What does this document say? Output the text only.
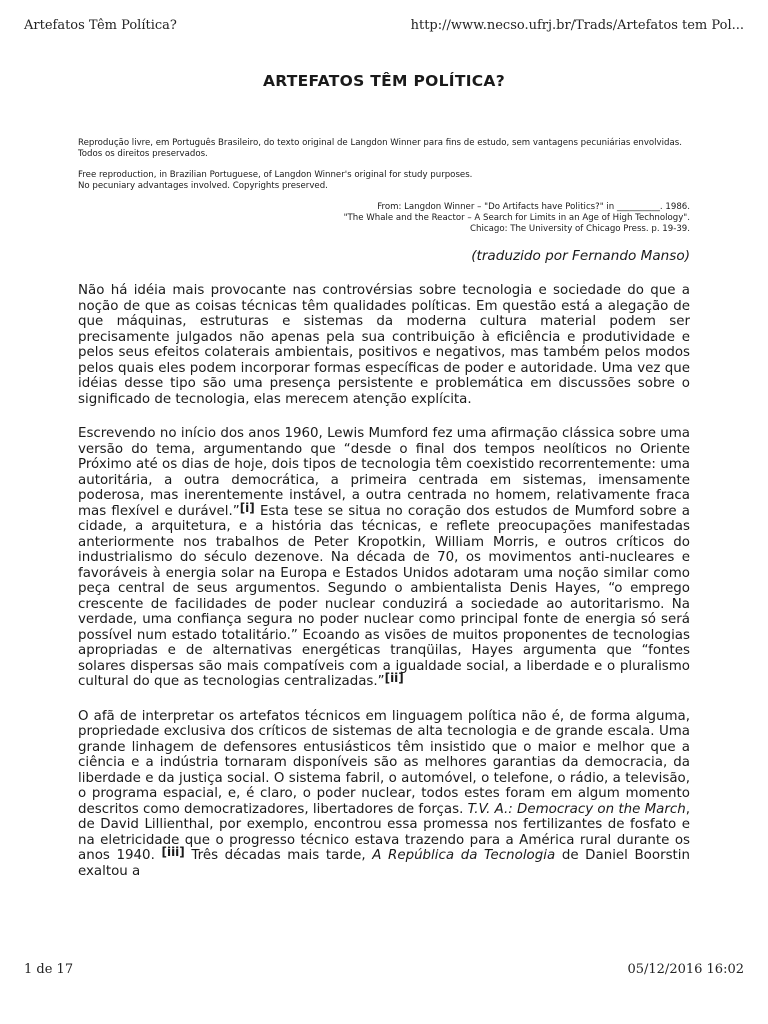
Artefatos Têm Política?	http://www.necso.ufrj.br/Trads/Artefatos tem Pol...
ARTEFATOS TÊM POLÍTICA?

Reprodução livre, em Português Brasileiro, do texto original de Langdon Winner para fins de estudo, sem vantagens pecuniárias envolvidas. Todos os direitos preservados.

Free reproduction, in Brazilian Portuguese, of Langdon Winner's original for study purposes.
No pecuniary advantages involved. Copyrights preserved.

From: Langdon Winner – "Do Artifacts have Politics?" in __________. 1986.
"The Whale and the Reactor – A Search for Limits in an Age of High Technology".
Chicago: The University of Chicago Press. p. 19-39.

(traduzido por Fernando Manso)

Não há idéia mais provocante nas controvérsias sobre tecnologia e sociedade do que a noção de que as coisas técnicas têm qualidades políticas. Em questão está a alegação de que máquinas, estruturas e sistemas da moderna cultura material podem ser precisamente julgados não apenas pela sua contribuição à eficiência e produtividade e pelos seus efeitos colaterais ambientais, positivos e negativos, mas também pelos modos pelos quais eles podem incorporar formas específicas de poder e autoridade. Uma vez que idéias desse tipo são uma presença persistente e problemática em discussões sobre o significado de tecnologia, elas merecem atenção explícita.

Escrevendo no início dos anos 1960, Lewis Mumford fez uma afirmação clássica sobre uma versão do tema, argumentando que “desde o final dos tempos neolíticos no Oriente Próximo até os dias de hoje, dois tipos de tecnologia têm coexistido recorrentemente: uma autoritária, a outra democrática, a primeira centrada em sistemas, imensamente poderosa, mas inerentemente instável, a outra centrada no homem, relativamente fraca mas flexível e durável.”[i] Esta tese se situa no coração dos estudos de Mumford sobre a cidade, a arquitetura, e a história das técnicas, e reflete preocupações manifestadas anteriormente nos trabalhos de Peter Kropotkin, William Morris, e outros críticos do industrialismo do século dezenove. Na década de 70, os movimentos anti-nucleares e favoráveis à energia solar na Europa e Estados Unidos adotaram uma noção similar como peça central de seus argumentos. Segundo o ambientalista Denis Hayes, “o emprego crescente de facilidades de poder nuclear conduzirá a sociedade ao autoritarismo. Na verdade, uma confiança segura no poder nuclear como principal fonte de energia só será possível num estado totalitário.” Ecoando as visões de muitos proponentes de tecnologias apropriadas e de alternativas energéticas tranqüilas, Hayes argumenta que “fontes solares dispersas são mais compatíveis com a igualdade social, a liberdade e o pluralismo cultural do que as tecnologias centralizadas.”[ii]

O afã de interpretar os artefatos técnicos em linguagem política não é, de forma alguma, propriedade exclusiva dos críticos de sistemas de alta tecnologia e de grande escala. Uma grande linhagem de defensores entusiásticos têm insistido que o maior e melhor que a ciência e a indústria tornaram disponíveis são as melhores garantias da democracia, da liberdade e da justiça social. O sistema fabril, o automóvel, o telefone, o rádio, a televisão, o programa espacial, e, é claro, o poder nuclear, todos estes foram em algum momento descritos como democratizadores, libertadores de forças. T.V. A.: Democracy on the March, de David Lillienthal, por exemplo, encontrou essa promessa nos fertilizantes de fosfato e na eletricidade que o progresso técnico estava trazendo para a América rural durante os anos 1940. [iii] Três décadas mais tarde, A República da Tecnologia de Daniel Boorstin exaltou a

1 de 17	05/12/2016 16:02
